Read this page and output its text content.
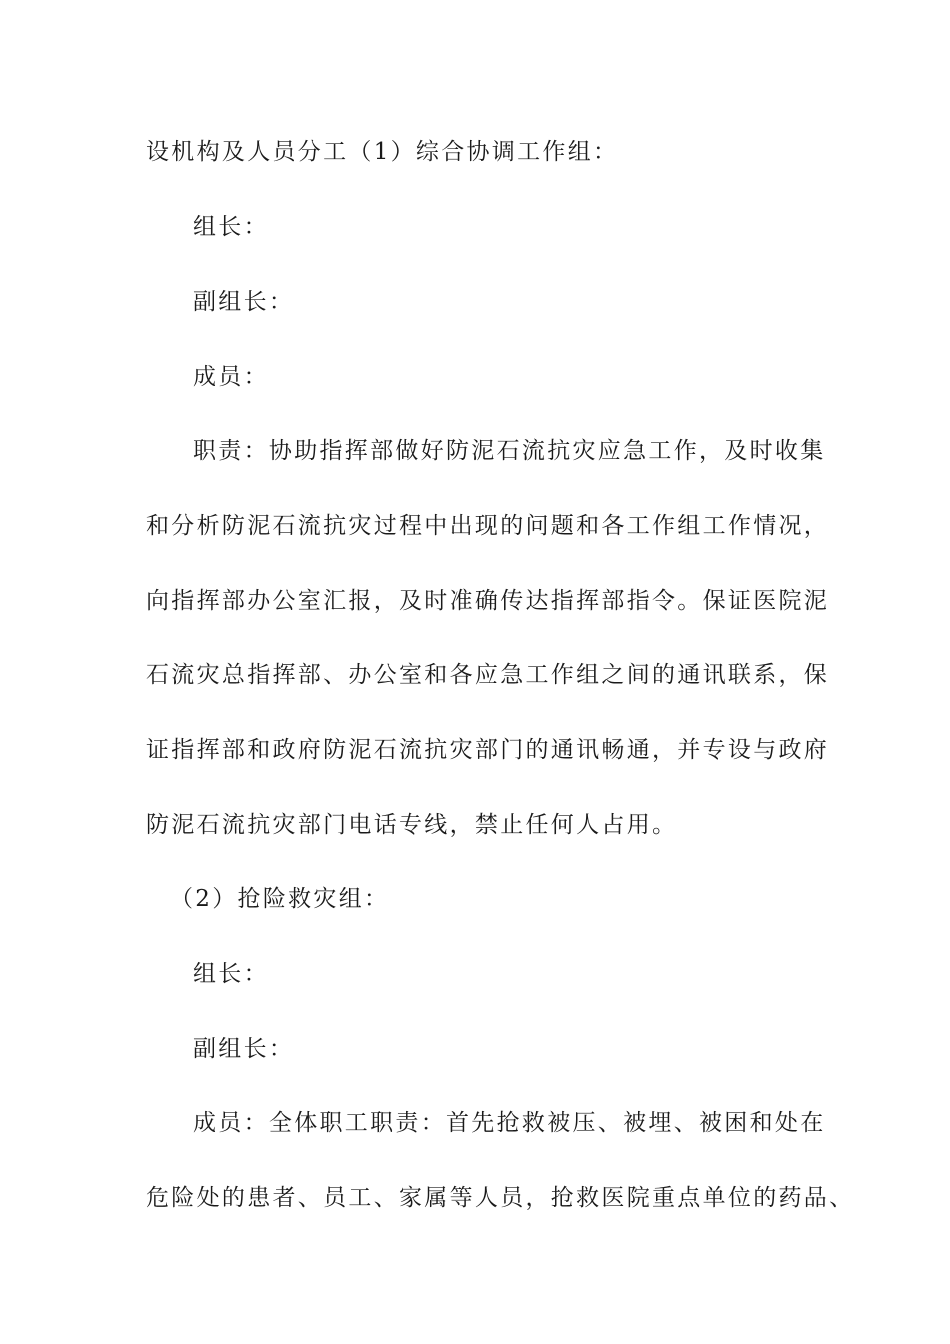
设机构及人员分工（1）综合协调工作组：
组长：
副组长：
成员：
职责：协助指挥部做好防泥石流抗灾应急工作，及时收集
和分析防泥石流抗灾过程中出现的问题和各工作组工作情况，
向指挥部办公室汇报，及时准确传达指挥部指令。保证医院泥
石流灾总指挥部、办公室和各应急工作组之间的通讯联系，保
证指挥部和政府防泥石流抗灾部门的通讯畅通，并专设与政府
防泥石流抗灾部门电话专线，禁止任何人占用。
（2）抢险救灾组：
组长：
副组长：
成员：全体职工职责：首先抢救被压、被埋、被困和处在
危险处的患者、员工、家属等人员，抢救医院重点单位的药品、
